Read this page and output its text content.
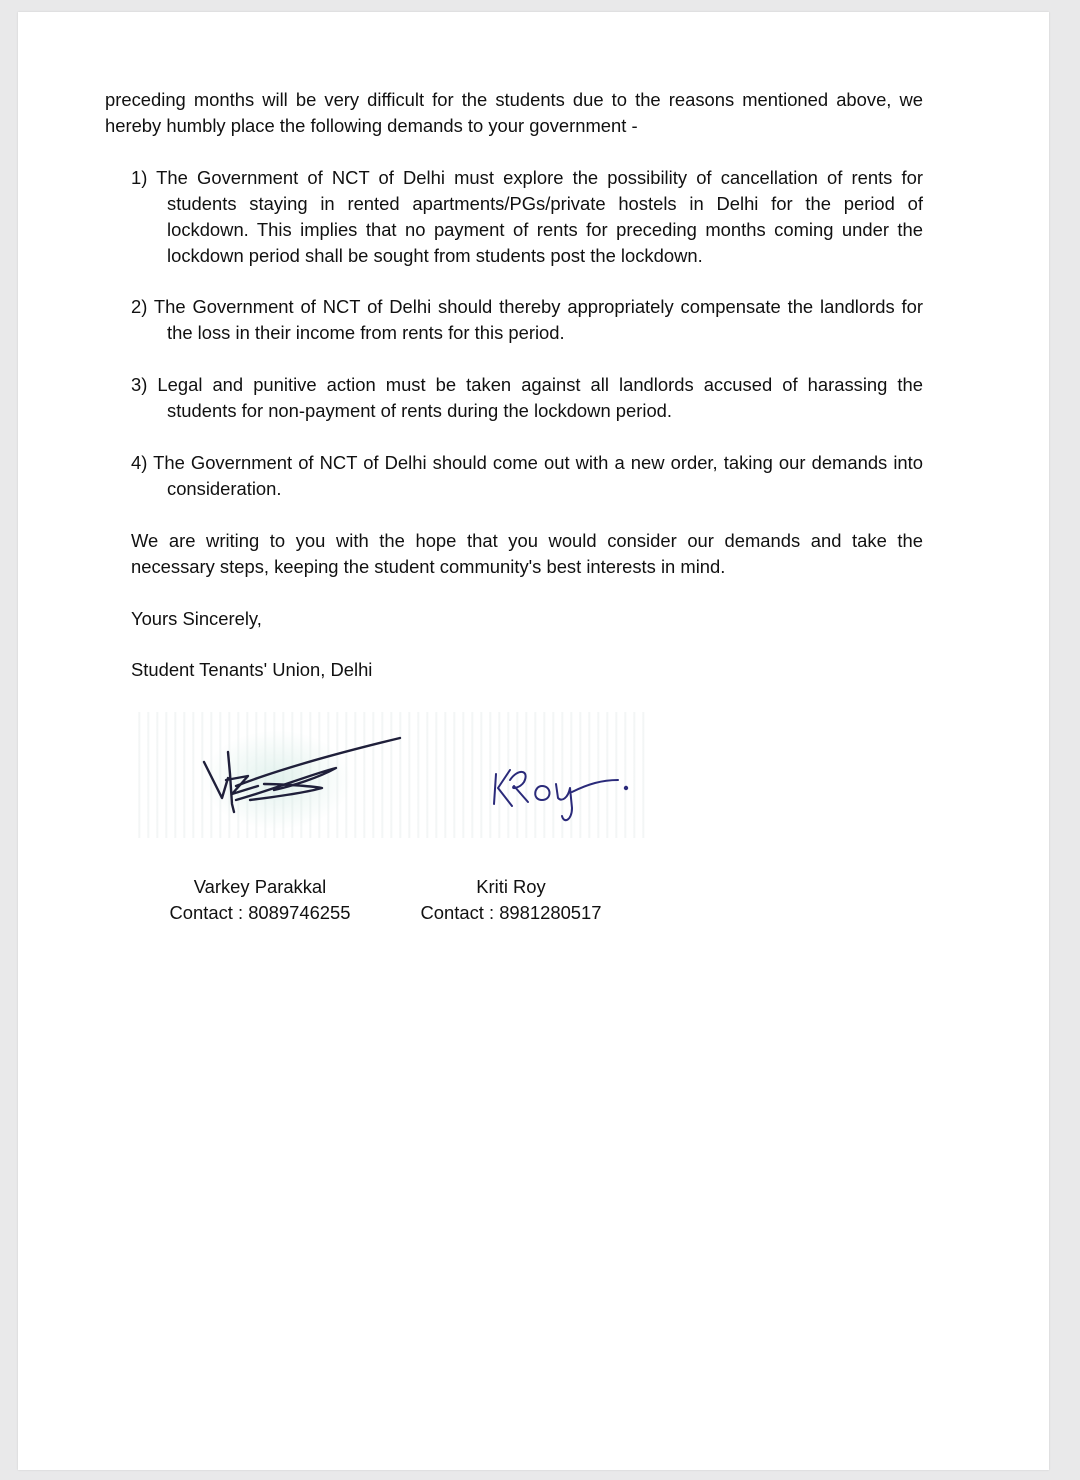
preceding months will be very difficult for the students due to the reasons mentioned above, we hereby humbly place the following demands to your government -

1) The Government of NCT of Delhi must explore the possibility of cancellation of rents for students staying in rented apartments/PGs/private hostels in Delhi for the period of lockdown. This implies that no payment of rents for preceding months coming under the lockdown period shall be sought from students post the lockdown.

2) The Government of NCT of Delhi should thereby appropriately compensate the landlords for the loss in their income from rents for this period.

3) Legal and punitive action must be taken against all landlords accused of harassing the students for non-payment of rents during the lockdown period.

4) The Government of NCT of Delhi should come out with a new order, taking our demands into consideration.

We are writing to you with the hope that you would consider our demands and take the necessary steps, keeping the student community's best interests in mind.

Yours Sincerely,
Student Tenants' Union, Delhi
Varkey Parakkal
Contact : 8089746255
Kriti Roy
Contact : 8981280517
